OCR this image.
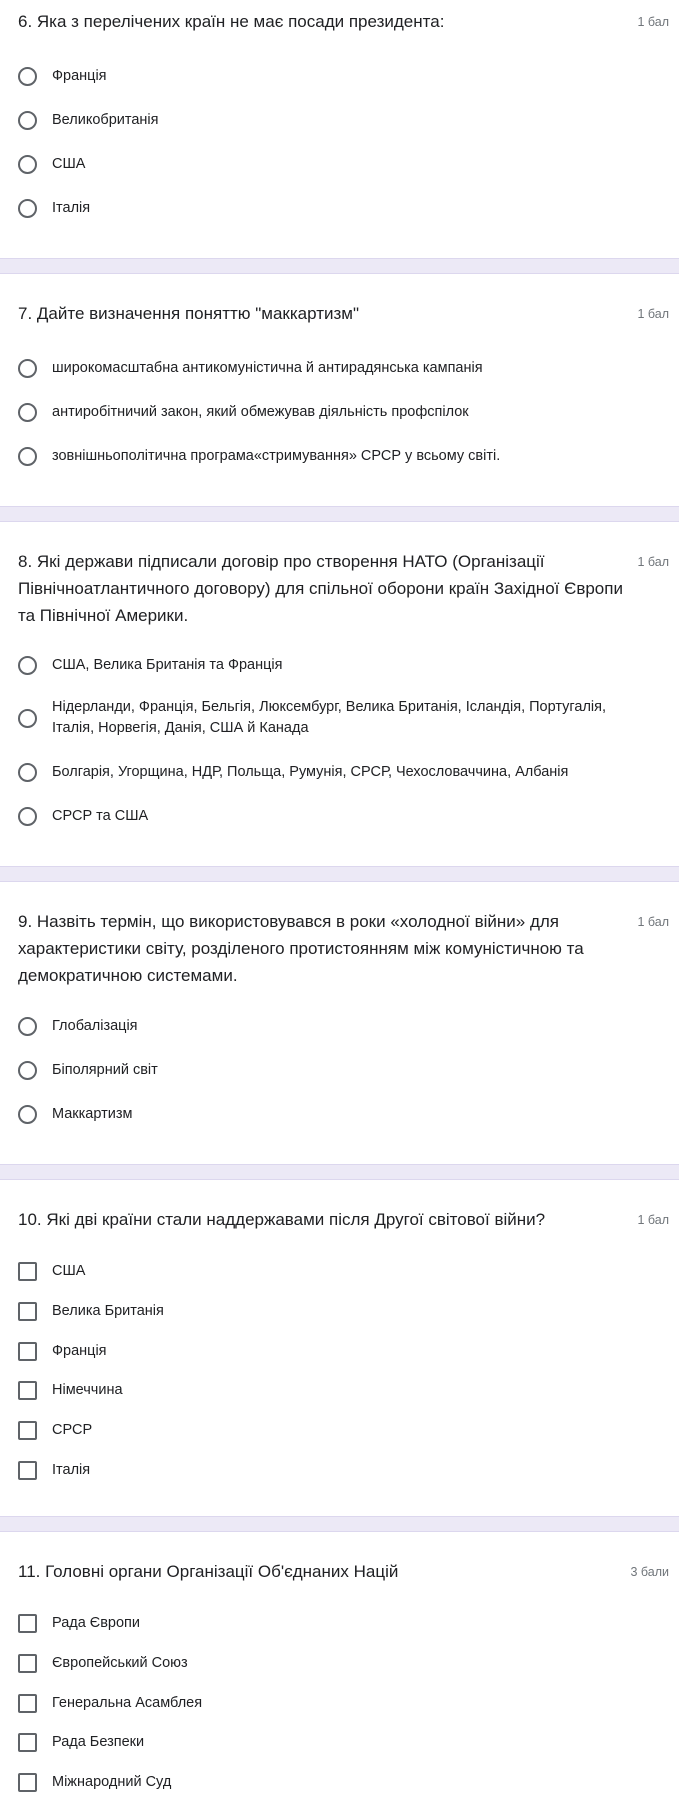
6. Яка з перелічених країн не має посади президента:	1 бал
Франція
Великобританія
США
Італія
7. Дайте визначення поняттю "маккартизм"	1 бал
широкомасштабна антикомуністична й антирадянська кампанія
антиробітничий закон, який обмежував діяльність профспілок
зовнішньополітична програма«стримування» СРСР у всьому світі.
8. Які держави підписали договір про створення НАТО (Організації Північноатлантичного договору) для спільної оборони країн Західної Європи та Північної Америки.
1 бал
США, Велика Британія та Франція
Нідерланди, Франція, Бельгія, Люксембург, Велика Британія, Ісландія, Португалія, Італія, Норвегія, Данія, США й Канада
Болгарія, Угорщина, НДР, Польща, Румунія, СРСР, Чехословаччина, Албанія
СРСР та США
9. Назвіть термін, що використовувався в роки «холодної війни» для характеристики світу, розділеного протистоянням між комуністичною та демократичною системами.
1 бал
Глобалізація
Біполярний світ
Маккартизм
10. Які дві країни стали наддержавами після Другої світової війни?	1 бал
США
Велика Британія
Франція
Німеччина
СРСР
Італія
11. Головні органи Організації Об'єднаних Націй	3 бали
Рада Європи
Європейський Союз
Генеральна Асамблея
Рада Безпеки
Міжнародний Суд
